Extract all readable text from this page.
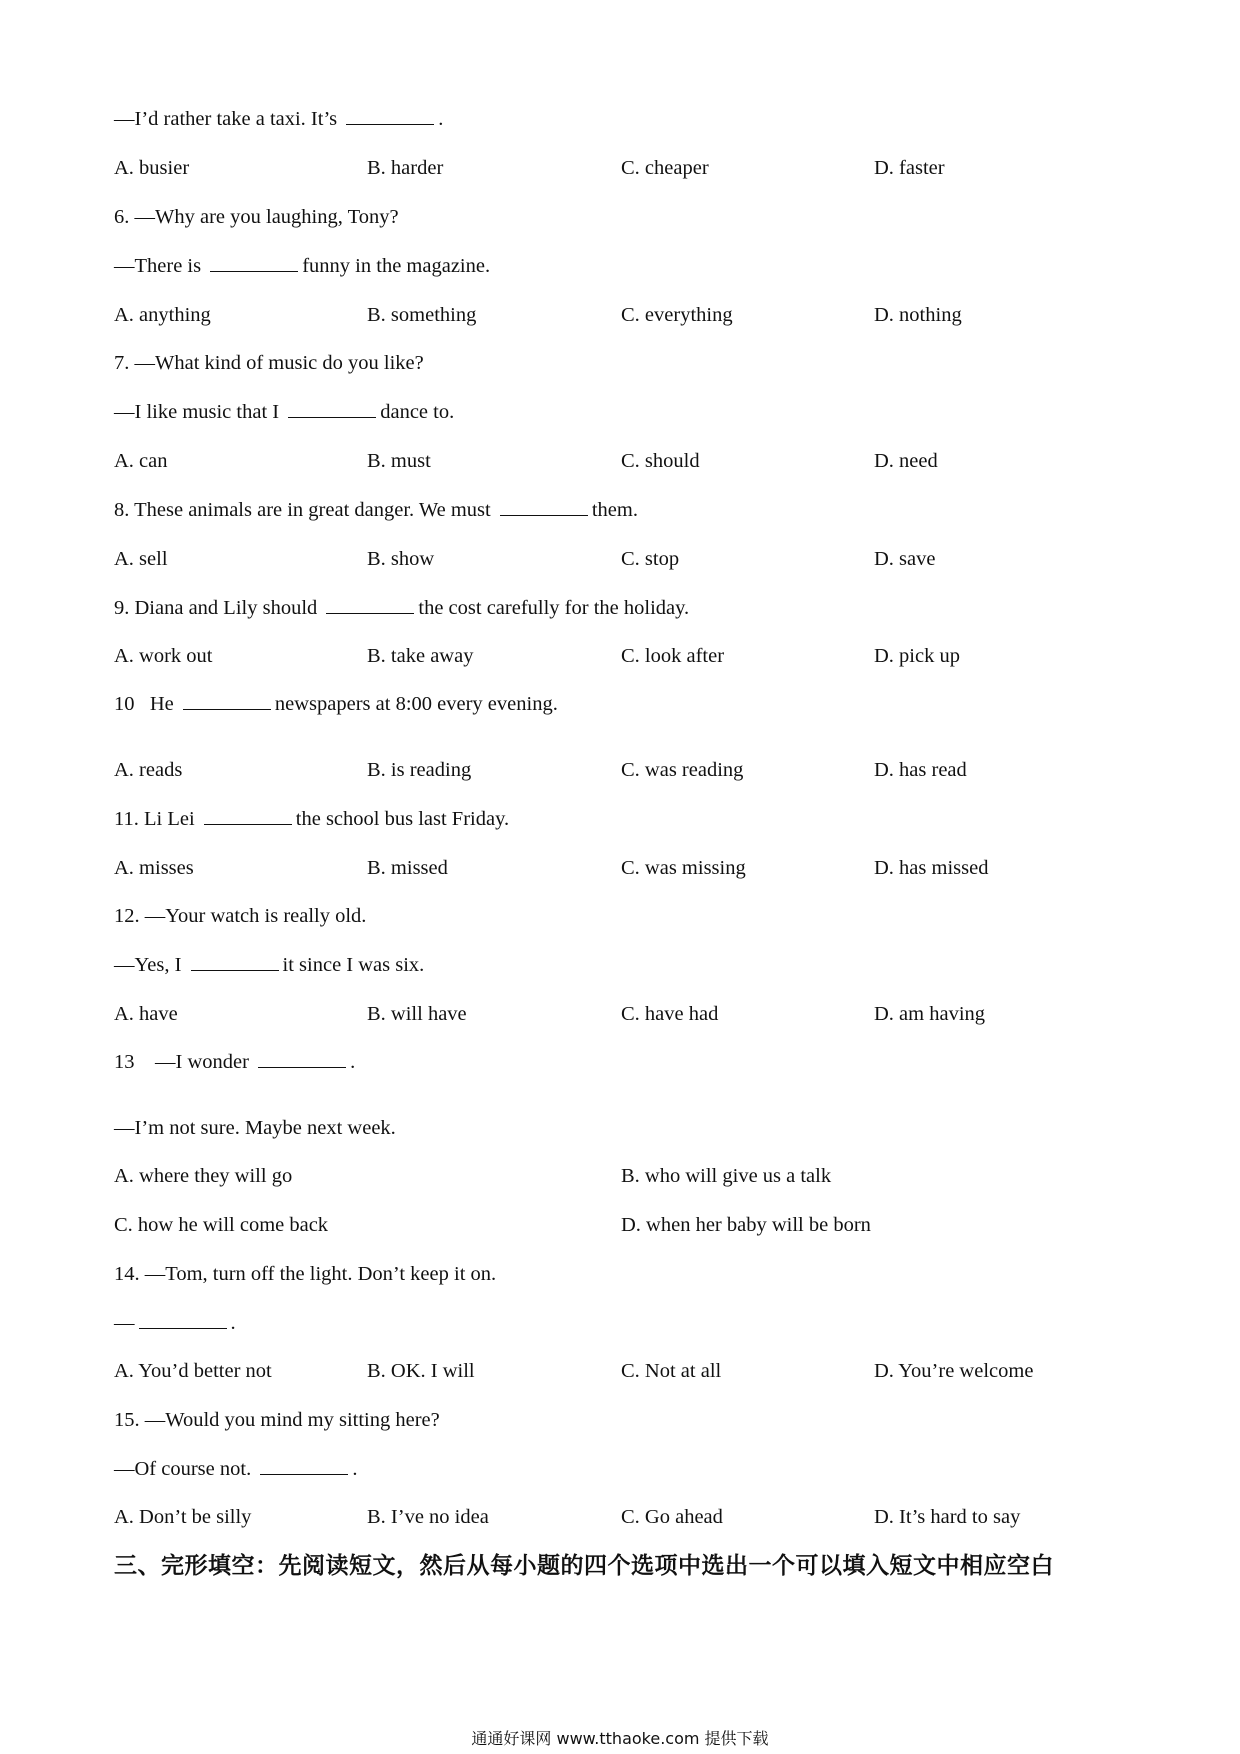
—I’d rather take a taxi. It’s	.
A. busier	B. harder	C. cheaper	D. faster
6. —Why are you laughing, Tony?
—There is	funny in the magazine.
A. anything	B. something	C. everything	D. nothing
7. —What kind of music do you like?
—I like music that I	dance to.
A. can	B. must	C. should	D. need
8. These animals are in great danger. We must	them.
A. sell	B. show	C. stop	D. save
9. Diana and Lily should	the cost carefully for the holiday.
A. work out	B. take away	C. look after	D. pick up
10   He	newspapers at 8:00 every evening.
A. reads	B. is reading	C. was reading	D. has read
11. Li Lei	the school bus last Friday.
A. misses	B. missed	C. was missing	D. has missed
12. —Your watch is really old.
—Yes, I	it since I was six.
A. have	B. will have	C. have had	D. am having
13    —I wonder	.
—I’m not sure. Maybe next week.
A. where they will go	B. who will give us a talk
C. how he will come back	D. when her baby will be born
14. —Tom, turn off the light. Don’t keep it on.
—	.
A. You’d better not	B. OK. I will	C. Not at all	D. You’re welcome
15. —Would you mind my sitting here?
—Of course not.	.
A. Don’t be silly	B. I’ve no idea	C. Go ahead	D. It’s hard to say
三、完形填空：先阅读短文，然后从每小题的四个选项中选出一个可以填入短文中相应空白
通通好课网 www.tthaoke.com 提供下载
